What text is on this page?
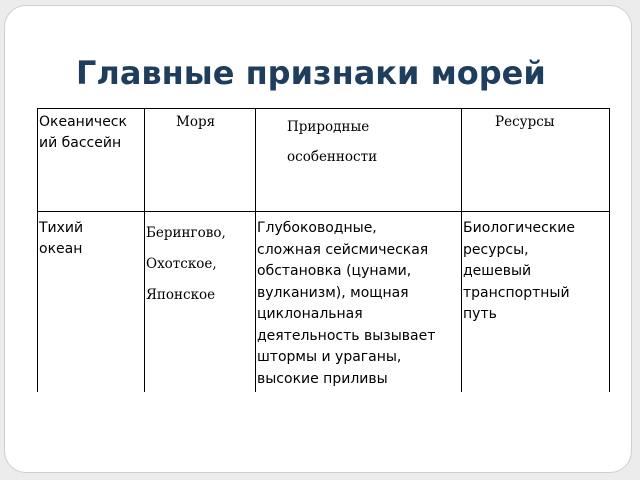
Главные признаки морей
Океаническ
ий бассейн
Моря	Природные
особенности
Ресурсы
Тихий
океан
Берингово,
Охотское,
Японское
Глубоководные,
сложная сейсмическая
обстановка (цунами,
вулканизм), мощная
циклональная
деятельность вызывает
штормы и ураганы,
высокие приливы
Биологические
ресурсы,
дешевый
транспортный
путь
